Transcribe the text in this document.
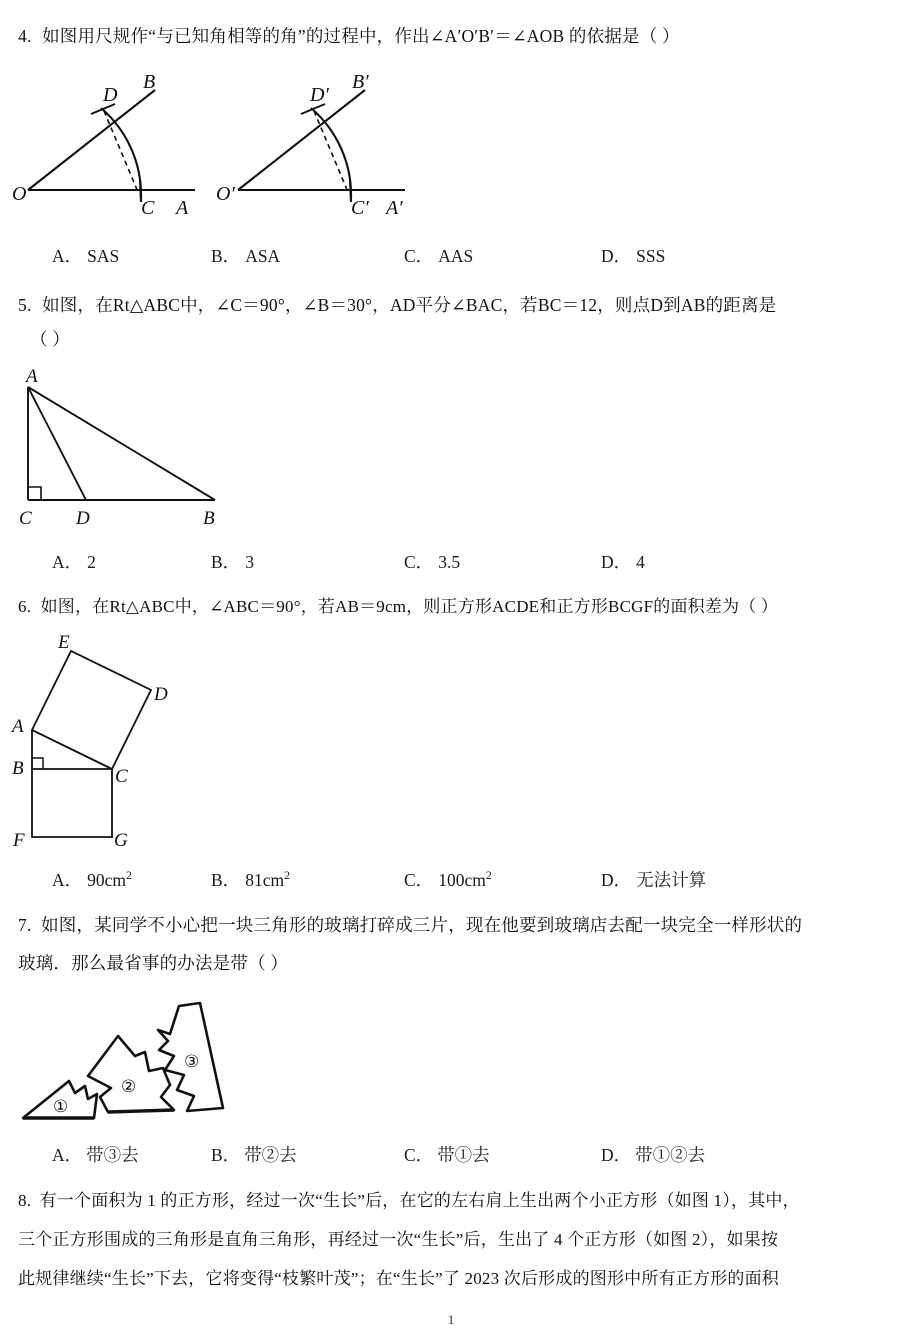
4. 如图用尺规作“与已知角相等的角”的过程中，作出∠A′O′B′＝∠AOB 的依据是（ ）
B
D
O
C A
B′
D′
O′
C′ A′
A． SAS	B． ASA	C． AAS	D． SSS
5. 如图，在Rt△ABC中，∠C＝90°，∠B＝30°，AD平分∠BAC，若BC＝12，则点D到AB的距离是
（ ）
A
C D	B
A． 2	B． 3	C． 3.5	D． 4
6. 如图，在Rt△ABC中，∠ABC＝90°，若AB＝9cm，则正方形ACDE和正方形BCGF的面积差为（ ）
E
D
A
B	C
F	G
A． $90cm^2$	B． $81cm^2$	C． $100cm^2$	D． 无法计算
7. 如图，某同学不小心把一块三角形的玻璃打碎成三片，现在他要到玻璃店去配一块完全一样形状的
玻璃．那么最省事的办法是带（ ）
①
②
③
A． 带③去	B． 带②去	C． 带①去	D． 带①②去
8. 有一个面积为 1 的正方形，经过一次“生长”后，在它的左右肩上生出两个小正方形（如图 1），其中，
三个正方形围成的三角形是直角三角形，再经过一次“生长”后，生出了 4 个正方形（如图 2），如果按
此规律继续“生长”下去，它将变得“枝繁叶茂”；在“生长”了 2023 次后形成的图形中所有正方形的面积
1
